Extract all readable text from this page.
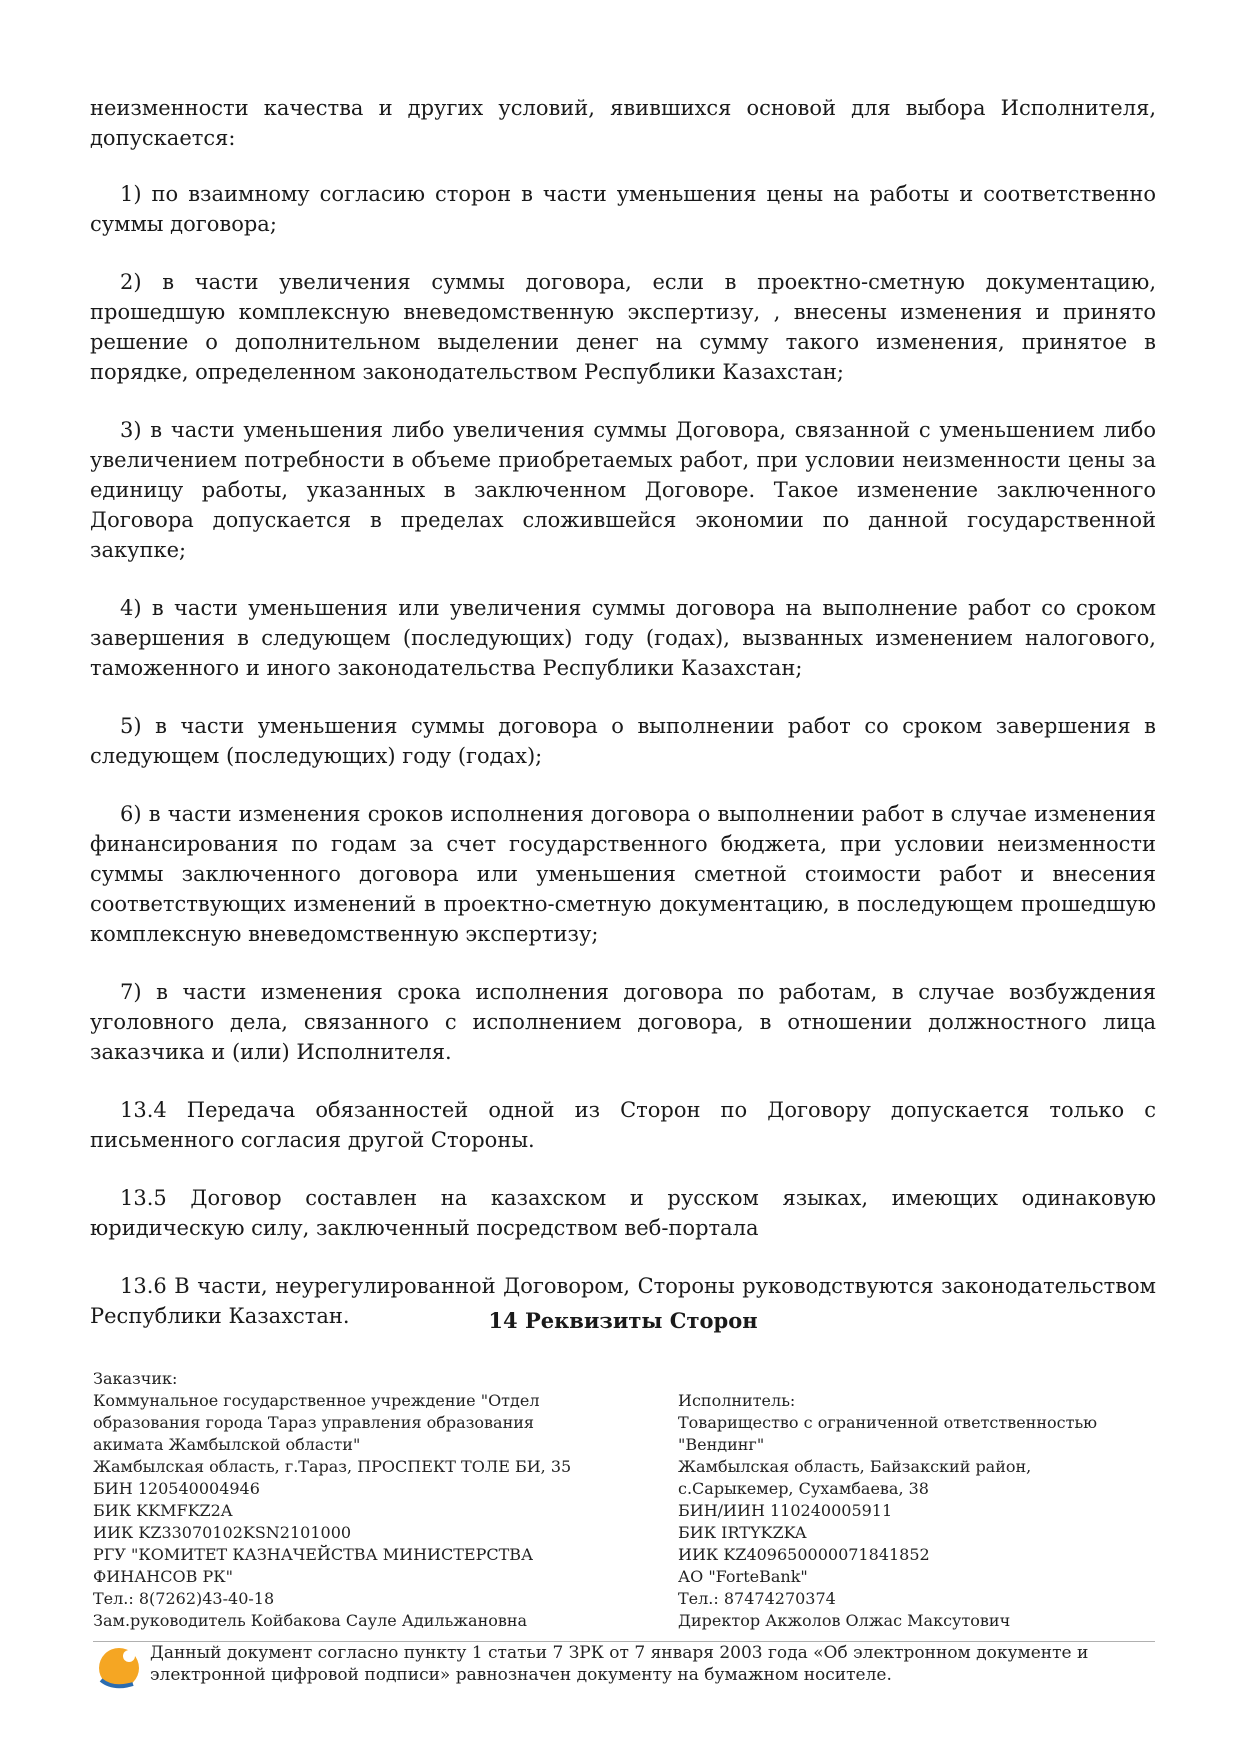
неизменности качества и других условий, явившихся основой для выбора Исполнителя, допускается:

1) по взаимному согласию сторон в части уменьшения цены на работы и соответственно суммы договора;

2) в части увеличения суммы договора, если в проектно-сметную документацию, прошедшую комплексную вневедомственную экспертизу, , внесены изменения и принято решение о дополнительном выделении денег на сумму такого изменения, принятое в порядке, определенном законодательством Республики Казахстан;

3) в части уменьшения либо увеличения суммы Договора, связанной с уменьшением либо увеличением потребности в объеме приобретаемых работ, при условии неизменности цены за единицу работы, указанных в заключенном Договоре. Такое изменение заключенного Договора допускается в пределах сложившейся экономии по данной государственной закупке;

4) в части уменьшения или увеличения суммы договора на выполнение работ со сроком завершения в следующем (последующих) году (годах), вызванных изменением налогового, таможенного и иного законодательства Республики Казахстан;

5) в части уменьшения суммы договора о выполнении работ со сроком завершения в следующем (последующих) году (годах);

6) в части изменения сроков исполнения договора о выполнении работ в случае изменения финансирования по годам за счет государственного бюджета, при условии неизменности суммы заключенного договора или уменьшения сметной стоимости работ и внесения соответствующих изменений в проектно-сметную документацию, в последующем прошедшую комплексную вневедомственную экспертизу;

7) в части изменения срока исполнения договора по работам, в случае возбуждения уголовного дела, связанного с исполнением договора, в отношении должностного лица заказчика и (или) Исполнителя.

13.4 Передача обязанностей одной из Сторон по Договору допускается только с письменного согласия другой Стороны.

13.5 Договор составлен на казахском и русском языках, имеющих одинаковую юридическую силу, заключенный посредством веб-портала

13.6 В части, неурегулированной Договором, Стороны руководствуются законодательством Республики Казахстан.	14 Реквизиты Сторон
Заказчик:
Коммунальное государственное учреждение "Отдел образования города Тараз управления образования акимата Жамбылской области"
Жамбылская область, г.Тараз, ПРОСПЕКТ ТОЛЕ БИ, 35
БИН 120540004946
БИК KKMFKZ2A
ИИК KZ33070102KSN2101000
РГУ "КОМИТЕТ КАЗНАЧЕЙСТВА МИНИСТЕРСТВА ФИНАНСОВ РК"
Тел.: 8(7262)43-40-18
Зам.руководитель Койбакова Сауле Адильжановна
Исполнитель:
Товарищество с ограниченной ответственностью "Вендинг"
Жамбылская область, Байзакский район, с.Сарыкемер, Сухамбаева, 38
БИН/ИИН 110240005911
БИК IRTYKZKA
ИИК KZ409650000071841852
АО "ForteBank"
Тел.: 87474270374
Директор Акжолов Олжас Максутович
Данный документ согласно пункту 1 статьи 7 ЗРК от 7 января 2003 года «Об электронном документе и электронной цифровой подписи» равнозначен документу на бумажном носителе.
